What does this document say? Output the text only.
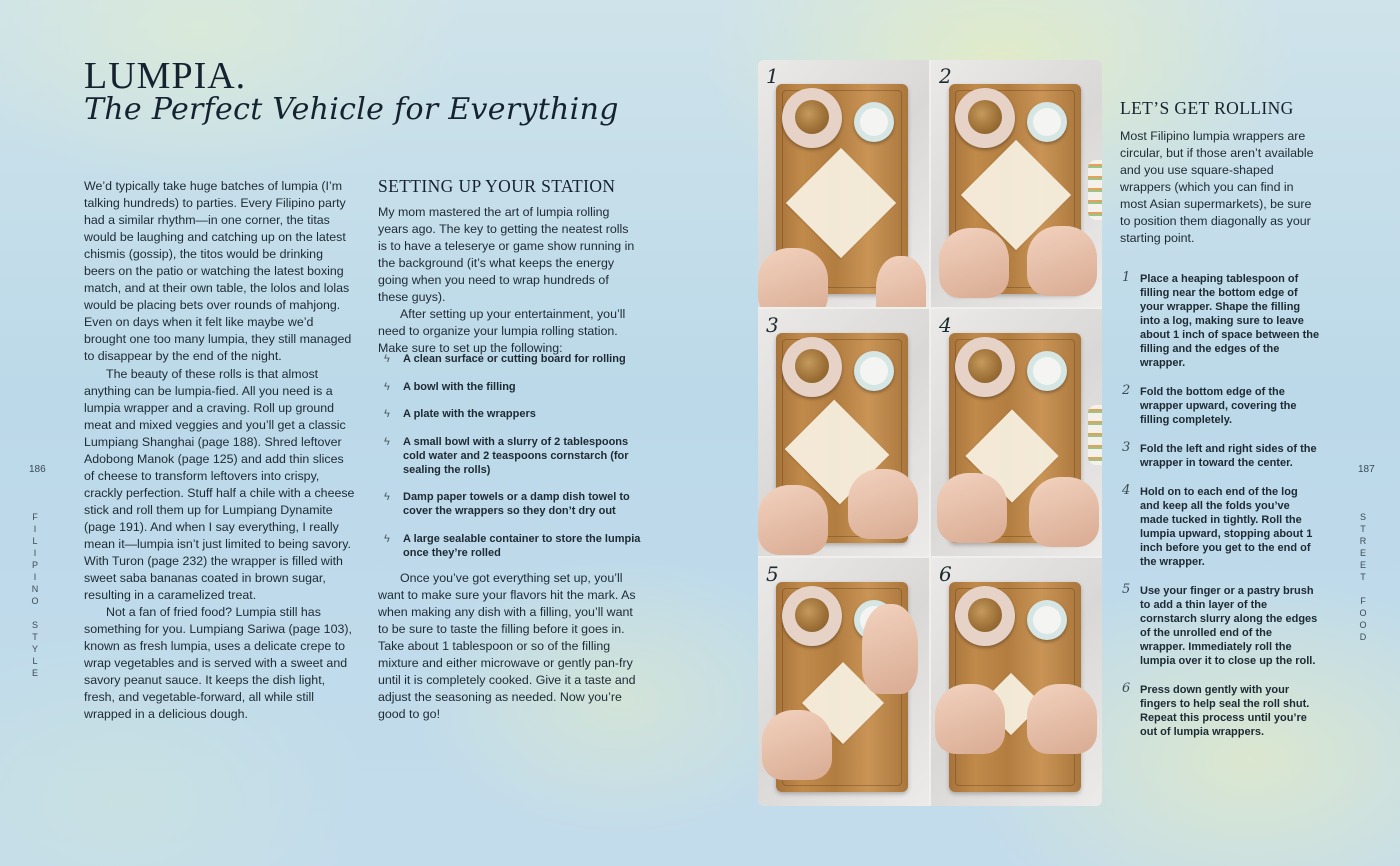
LUMPIA.
The Perfect Vehicle for Everything

We’d typically take huge batches of lumpia (I’m talking hundreds) to parties. Every Filipino party had a similar rhythm—in one corner, the titas would be laughing and catching up on the latest chismis (gossip), the titos would be drinking beers on the patio or watching the latest boxing match, and at their own table, the lolos and lolas would be placing bets over rounds of mahjong. Even on days when it felt like maybe we’d brought one too many lumpia, they still managed to disappear by the end of the night.

The beauty of these rolls is that almost anything can be lumpia-fied. All you need is a lumpia wrapper and a craving. Roll up ground meat and mixed veggies and you’ll get a classic Lumpiang Shanghai (page 188). Shred leftover Adobong Manok (page 125) and add thin slices of cheese to transform leftovers into crispy, crackly perfection. Stuff half a chile with a cheese stick and roll them up for Lumpiang Dynamite (page 191). And when I say everything, I really mean it—lumpia isn’t just limited to being savory. With Turon (page 232) the wrapper is filled with sweet saba bananas coated in brown sugar, resulting in a caramelized treat.

Not a fan of fried food? Lumpia still has something for you. Lumpiang Sariwa (page 103), known as fresh lumpia, uses a delicate crepe to wrap vegetables and is served with a sweet and savory peanut sauce. It keeps the dish light, fresh, and vegetable-forward, all while still wrapped in a delicious dough.

SETTING UP YOUR STATION

My mom mastered the art of lumpia rolling years ago. The key to getting the neatest rolls is to have a teleserye or game show running in the background (it’s what keeps the energy going when you need to wrap hundreds of these guys).

After setting up your entertainment, you’ll need to organize your lumpia rolling station. Make sure to set up the following:

ϟ A clean surface or cutting board for rolling
ϟ A bowl with the filling
ϟ A plate with the wrappers
ϟ A small bowl with a slurry of 2 tablespoons cold water and 2 teaspoons cornstarch (for sealing the rolls)
ϟ Damp paper towels or a damp dish towel to cover the wrappers so they don’t dry out
ϟ A large sealable container to store the lumpia once they’re rolled

Once you’ve got everything set up, you’ll want to make sure your flavors hit the mark. As when making any dish with a filling, you’ll want to be sure to taste the filling before it goes in. Take about 1 tablespoon or so of the filling mixture and either microwave or gently pan-fry until it is completely cooked. Give it a taste and adjust the seasoning as needed. Now you’re good to go!

1	2
3	4
5	6
LET’S GET ROLLING

Most Filipino lumpia wrappers are circular, but if those aren’t available and you use square-shaped wrappers (which you can find in most Asian supermarkets), be sure to position them diagonally as your starting point.

1 Place a heaping tablespoon of filling near the bottom edge of your wrapper. Shape the filling into a log, making sure to leave about 1 inch of space between the filling and the edges of the wrapper.
2 Fold the bottom edge of the wrapper upward, covering the filling completely.
3 Fold the left and right sides of the wrapper in toward the center.
4 Hold on to each end of the log and keep all the folds you’ve made tucked in tightly. Roll the lumpia upward, stopping about 1 inch before you get to the end of the wrapper.
5 Use your finger or a pastry brush to add a thin layer of the cornstarch slurry along the edges of the unrolled end of the wrapper. Immediately roll the lumpia over it to close up the roll.
6 Press down gently with your fingers to help seal the roll shut. Repeat this process until you’re out of lumpia wrappers.
186	187
FILIPINO STYLE	STREET FOOD
